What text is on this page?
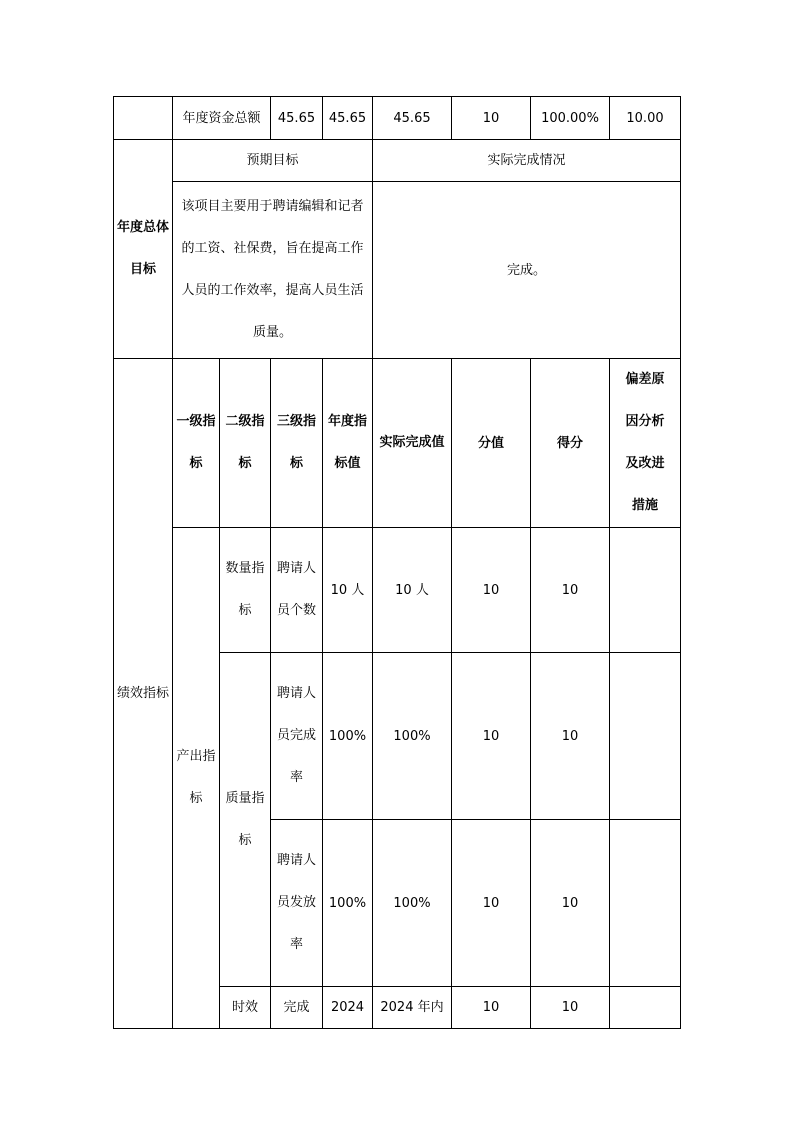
	年度资金总额		45.65	45.65	45.65	10	100.00%	10.00
年度总体目标	预期目标				实际完成情况			
	该项目主要用于聘请编辑和记者的工资、社保费，旨在提高工作人员的工作效率，提高人员生活质量。				完成。			
绩效指标	一级指标	二级指标	三级指标	年度指标值	实际完成值	分值	得分	偏差原因分析及改进措施
	产出指标	数量指标	聘请人员个数	10 人	10 人	10	10	
		质量指标	聘请人员完成率	100%	100%	10	10	
			聘请人员发放率	100%	100%	10	10	
		时效	完成	2024	2024 年内	10	10	
